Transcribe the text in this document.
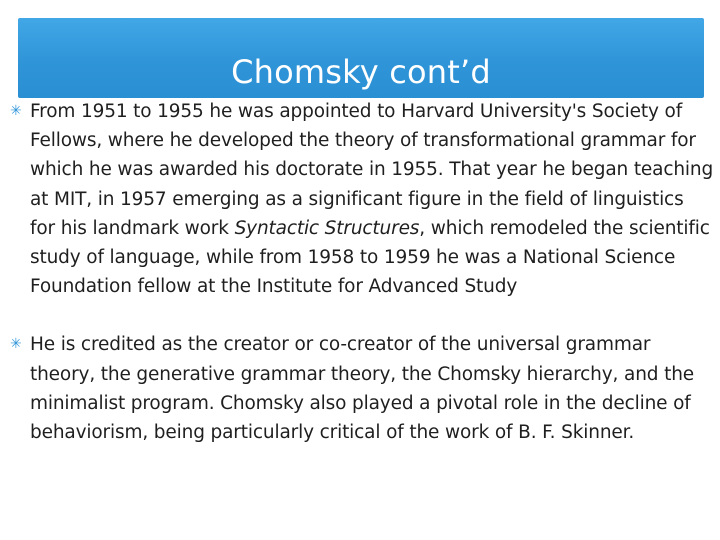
Chomsky cont’d
✳ From 1951 to 1955 he was appointed to Harvard University's Society of Fellows, where he developed the theory of transformational grammar for which he was awarded his doctorate in 1955. That year he began teaching at MIT, in 1957 emerging as a significant figure in the field of linguistics for his landmark work Syntactic Structures, which remodeled the scientific study of language, while from 1958 to 1959 he was a National Science Foundation fellow at the Institute for Advanced Study
✳ He is credited as the creator or co-creator of the universal grammar theory, the generative grammar theory, the Chomsky hierarchy, and the minimalist program. Chomsky also played a pivotal role in the decline of behaviorism, being particularly critical of the work of B. F. Skinner.
